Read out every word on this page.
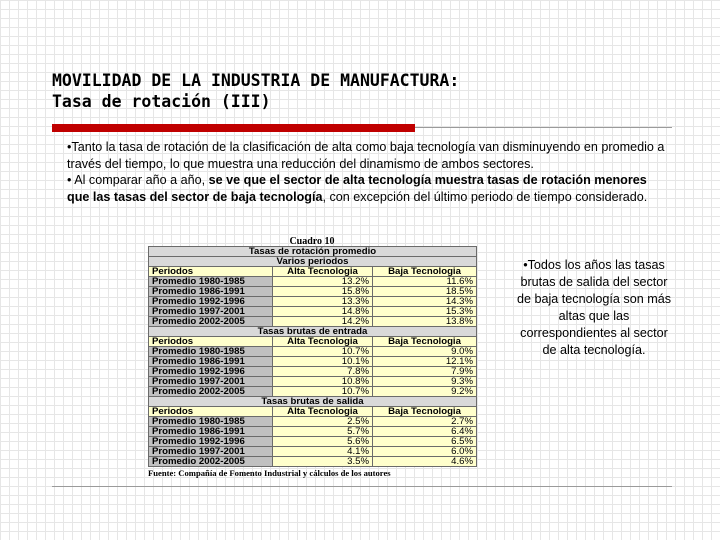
MOVILIDAD DE LA INDUSTRIA DE MANUFACTURA:
Tasa de rotación (III)

•Tanto la tasa de rotación de la clasificación de alta como baja tecnología van disminuyendo en promedio a través del tiempo, lo que muestra una reducción del dinamismo de ambos sectores.

• Al comparar año a año, se ve que el sector de alta tecnología muestra tasas de rotación menores que las tasas del sector de baja tecnología, con excepción del último periodo de tiempo considerado.

Cuadro 10
Tasas de rotación promedio		
Varios periodos		
Periodos	Alta Tecnologia	Baja Tecnologia
Promedio 1980-1985	13.2%	11.6%
Promedio 1986-1991	15.8%	18.5%
Promedio 1992-1996	13.3%	14.3%
Promedio 1997-2001	14.8%	15.3%
Promedio 2002-2005	14.2%	13.8%
Tasas brutas de entrada		
Periodos	Alta Tecnologia	Baja Tecnologia
Promedio 1980-1985	10.7%	9.0%
Promedio 1986-1991	10.1%	12.1%
Promedio 1992-1996	7.8%	7.9%
Promedio 1997-2001	10.8%	9.3%
Promedio 2002-2005	10.7%	9.2%
Tasas brutas de salida		
Periodos	Alta Tecnologia	Baja Tecnologia
Promedio 1980-1985	2.5%	2.7%
Promedio 1986-1991	5.7%	6.4%
Promedio 1992-1996	5.6%	6.5%
Promedio 1997-2001	4.1%	6.0%
Promedio 2002-2005	3.5%	4.6%
Fuente: Compañía de Fomento Industrial y cálculos de los autores
•Todos los años las tasas brutas de salida del sector de baja tecnología son más altas que las correspondientes al sector de alta tecnología.
